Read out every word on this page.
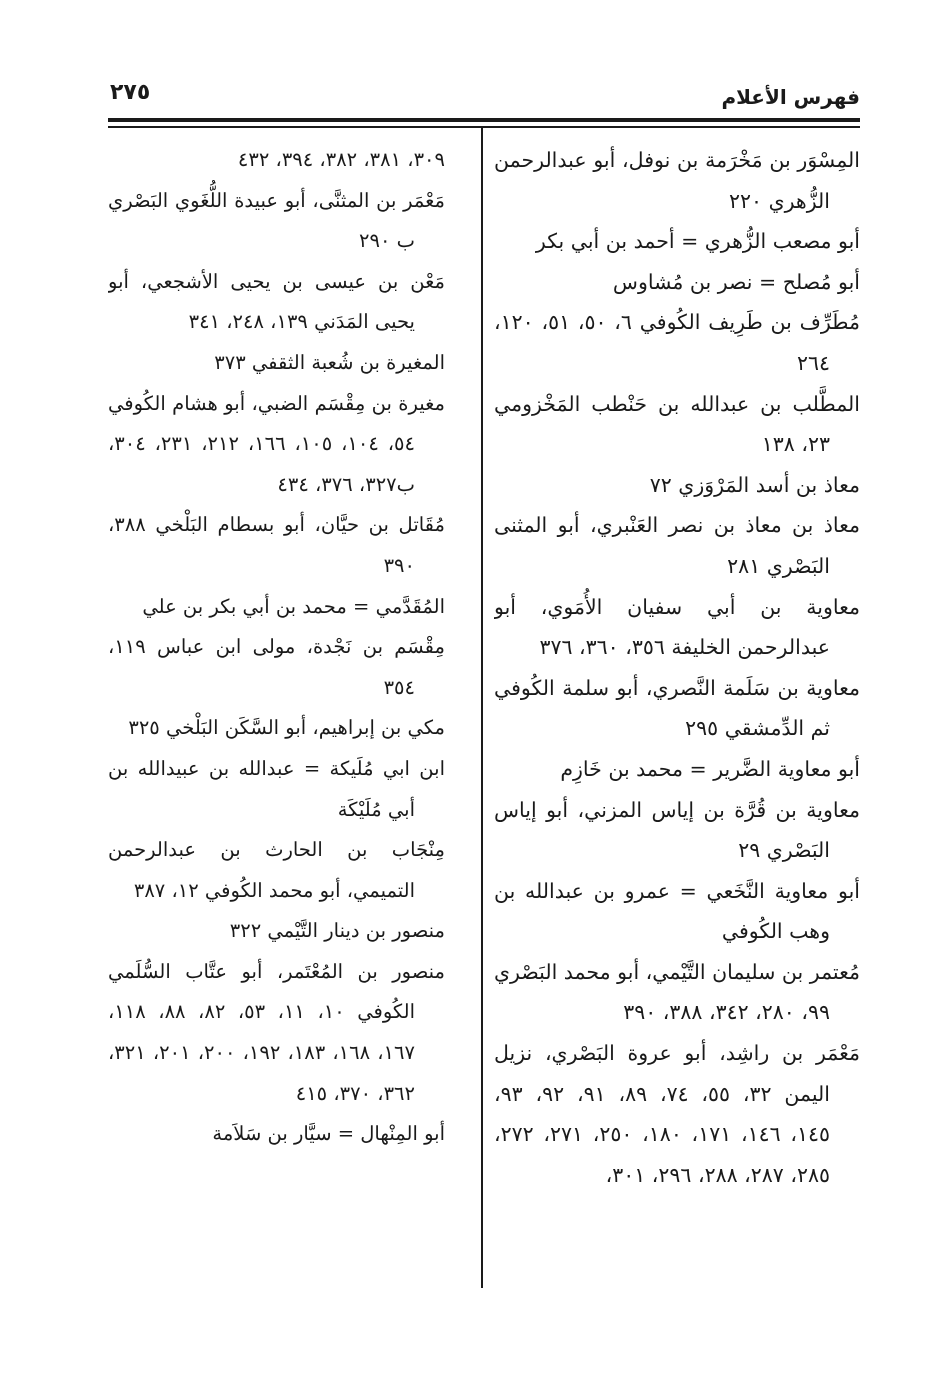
فهرس الأعلام
٢٧٥

المِسْوَر بن مَخْرَمة بن نوفل، أبو عبدالرحمن الزُّهري ٢٢٠

أبو مصعب الزُّهري = أحمد بن أبي بكر

أبو مُصلح = نصر بن مُشاوس

مُطَرِّف بن طَرِيف الكُوفي ٦، ٥٠، ٥١، ١٢٠، ٢٦٤

المطَّلب بن عبدالله بن حَنْطب المَخْزومي ٢٣، ١٣٨

معاذ بن أسد المَرْوَزي ٧٢

معاذ بن معاذ بن نصر العَنْبري، أبو المثنى البَصْري ٢٨١

معاوية بن أبي سفيان الأُمَوي، أبو عبدالرحمن الخليفة ٣٥٦، ٣٦٠، ٣٧٦

معاوية بن سَلَمة النَّصري، أبو سلمة الكُوفي ثم الدِّمشقي ٢٩٥

أبو معاوية الضَّرير = محمد بن خَازِم

معاوية بن قُرَّة بن إياس المزني، أبو إياس البَصْري ٢٩

أبو معاوية النَّخَعي = عمرو بن عبدالله بن وهب الكُوفي

مُعتمر بن سليمان التَّيْمي، أبو محمد البَصْري ٩٩، ٢٨٠، ٣٤٢، ٣٨٨، ٣٩٠

مَعْمَر بن راشِد، أبو عروة البَصْري، نزيل اليمن ٣٢، ٥٥، ٧٤، ٨٩، ٩١، ٩٢، ٩٣، ١٤٥، ١٤٦، ١٧١، ١٨٠، ٢٥٠، ٢٧١، ٢٧٢، ٢٨٥، ٢٨٧، ٢٨٨، ٢٩٦، ٣٠١،

٣٠٩، ٣٨١، ٣٨٢، ٣٩٤، ٤٣٢

مَعْمَر بن المثنَّى، أبو عبيدة اللُّغَوي البَصْري ب ٢٩٠

مَعْن بن عيسى بن يحيى الأشجعي، أبو يحيى المَدَني ١٣٩، ٢٤٨، ٣٤١

المغيرة بن شُعبة الثقفي ٣٧٣

مغيرة بن مِقْسَم الضبي، أبو هشام الكُوفي ٥٤، ١٠٤، ١٠٥، ١٦٦، ٢١٢، ٢٣١، ٣٠٤، ب٣٢٧، ٣٧٦، ٤٣٤

مُقَاتل بن حيَّان، أبو بسطام البَلْخي ٣٨٨، ٣٩٠

المُقَدَّمي = محمد بن أبي بكر بن علي

مِقْسَم بن نَجْدة، مولى ابن عباس ١١٩، ٣٥٤

مكي بن إبراهيم، أبو السَّكَن البَلْخي ٣٢٥

ابن ابي مُلَيكة = عبدالله بن عبيدالله بن أبي مُلَيْكَة

مِنْجَاب بن الحارث بن عبدالرحمن التميمي، أبو محمد الكُوفي ١٢، ٣٨٧

منصور بن دينار التَّيْمي ٣٢٢

منصور بن المُعْتَمر، أبو عتَّاب السُّلَمي الكُوفي ١٠، ١١، ٥٣، ٨٢، ٨٨، ١١٨، ١٦٧، ١٦٨، ١٨٣، ١٩٢، ٢٠٠، ٢٠١، ٣٢١، ٣٦٢، ٣٧٠، ٤١٥

أبو المِنْهال = سيَّار بن سَلاَمة
